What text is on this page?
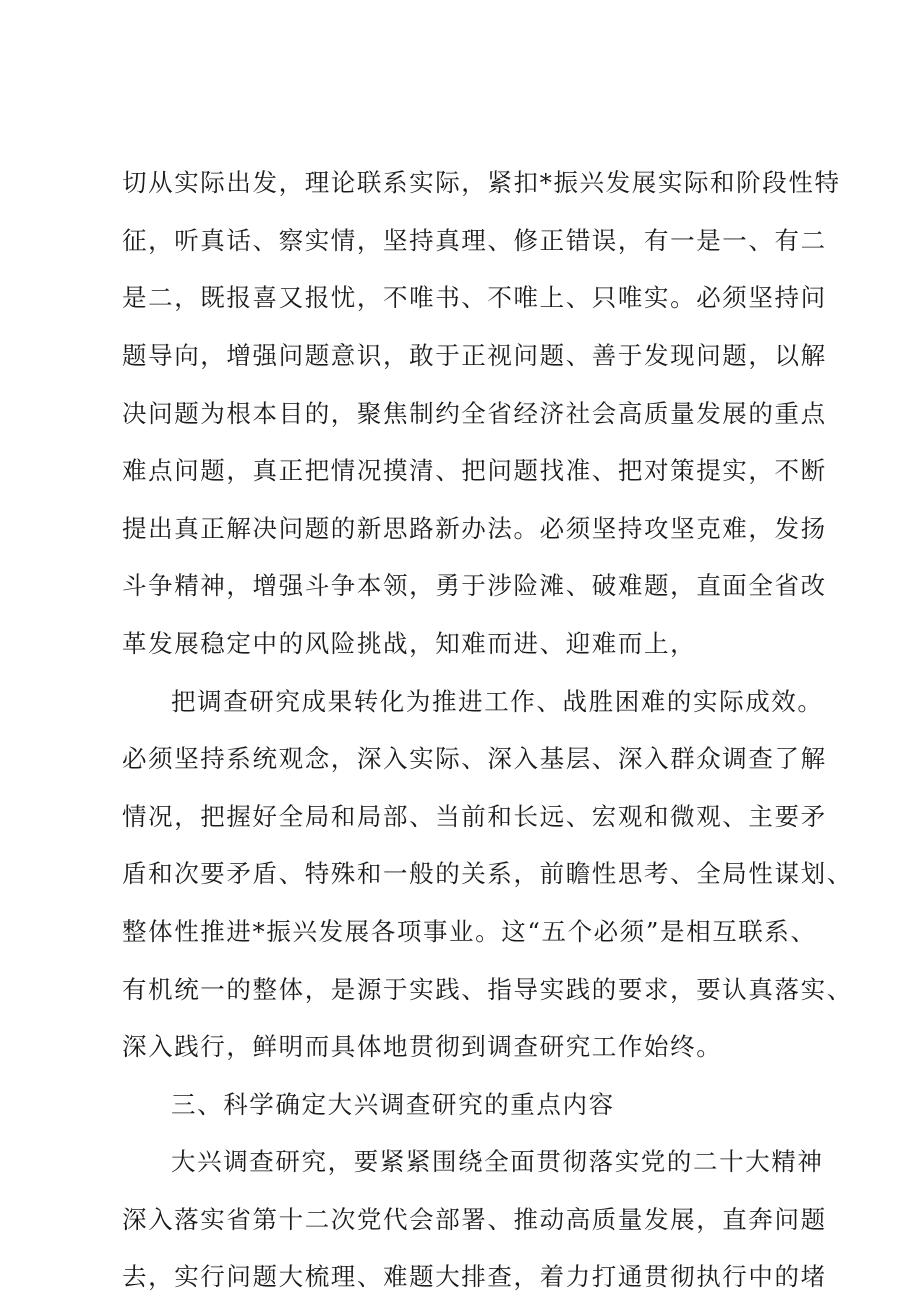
切从实际出发，理论联系实际，紧扣*振兴发展实际和阶段性特
征，听真话、察实情，坚持真理、修正错误，有一是一、有二
是二，既报喜又报忧，不唯书、不唯上、只唯实。必须坚持问
题导向，增强问题意识，敢于正视问题、善于发现问题，以解
决问题为根本目的，聚焦制约全省经济社会高质量发展的重点
难点问题，真正把情况摸清、把问题找准、把对策提实，不断
提出真正解决问题的新思路新办法。必须坚持攻坚克难，发扬
斗争精神，增强斗争本领，勇于涉险滩、破难题，直面全省改
革发展稳定中的风险挑战，知难而进、迎难而上，
把调查研究成果转化为推进工作、战胜困难的实际成效。
必须坚持系统观念，深入实际、深入基层、深入群众调查了解
情况，把握好全局和局部、当前和长远、宏观和微观、主要矛
盾和次要矛盾、特殊和一般的关系，前瞻性思考、全局性谋划、
整体性推进*振兴发展各项事业。这“五个必须”是相互联系、
有机统一的整体，是源于实践、指导实践的要求，要认真落实、
深入践行，鲜明而具体地贯彻到调查研究工作始终。
三、科学确定大兴调查研究的重点内容
大兴调查研究，要紧紧围绕全面贯彻落实党的二十大精神
深入落实省第十二次党代会部署、推动高质量发展，直奔问题
去，实行问题大梳理、难题大排查，着力打通贯彻执行中的堵
